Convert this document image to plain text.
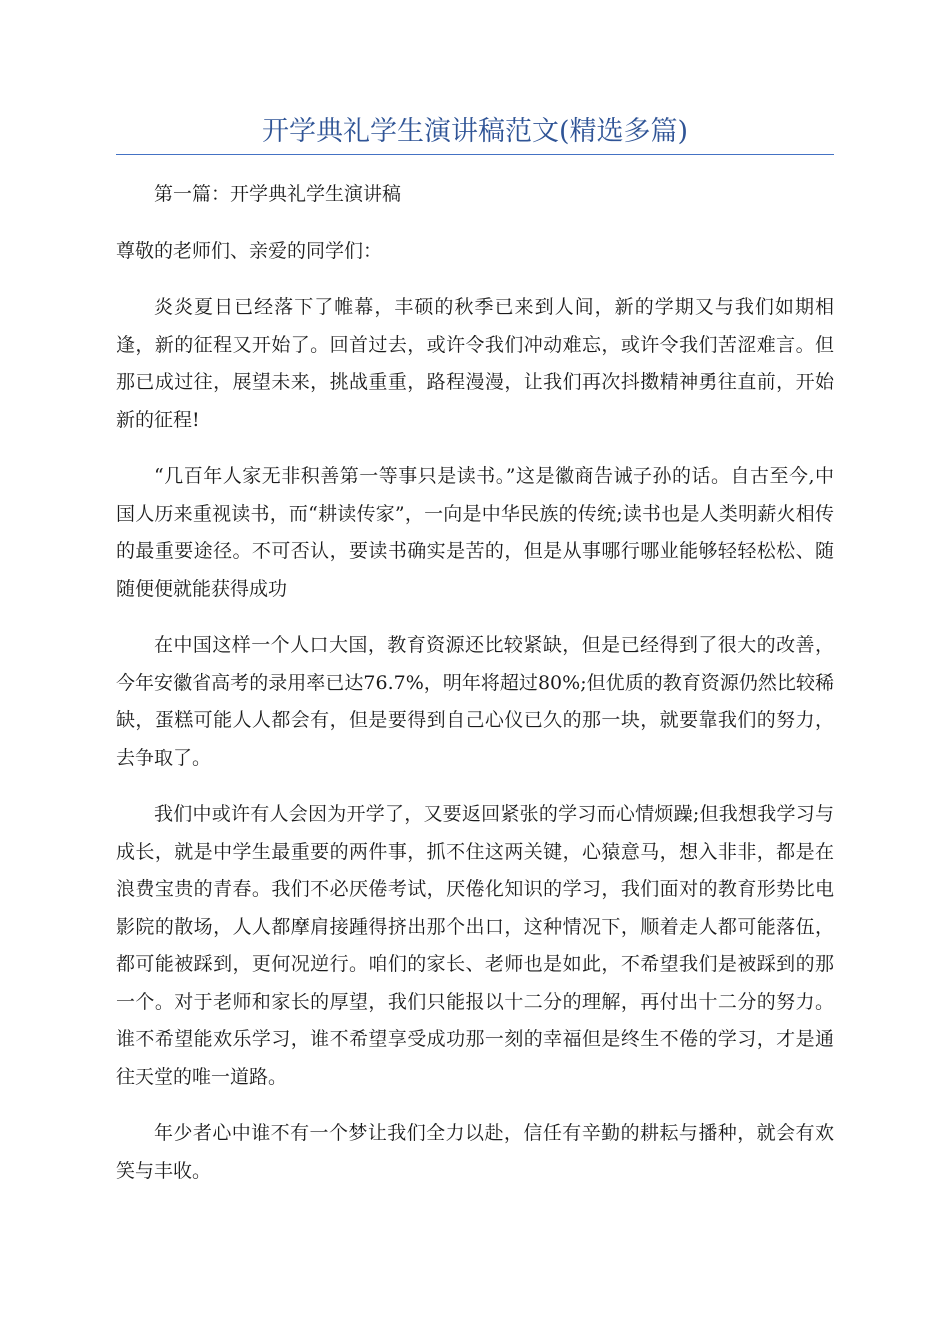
开学典礼学生演讲稿范文(精选多篇)

第一篇：开学典礼学生演讲稿

尊敬的老师们、亲爱的同学们：

炎炎夏日已经落下了帷幕，丰硕的秋季已来到人间，新的学期又与我们如期相逢，新的征程又开始了。回首过去，或许令我们冲动难忘，或许令我们苦涩难言。但那已成过往，展望未来，挑战重重，路程漫漫，让我们再次抖擞精神勇往直前，开始新的征程!

“几百年人家无非积善第一等事只是读书。”这是徽商告诫子孙的话。自古至今,中国人历来重视读书，而“耕读传家”，一向是中华民族的传统;读书也是人类明薪火相传的最重要途径。不可否认，要读书确实是苦的，但是从事哪行哪业能够轻轻松松、随随便便就能获得成功

在中国这样一个人口大国，教育资源还比较紧缺，但是已经得到了很大的改善，今年安徽省高考的录用率已达76.7%，明年将超过80%;但优质的教育资源仍然比较稀缺，蛋糕可能人人都会有，但是要得到自己心仪已久的那一块，就要靠我们的努力，去争取了。

我们中或许有人会因为开学了，又要返回紧张的学习而心情烦躁;但我想我学习与成长，就是中学生最重要的两件事，抓不住这两关键，心猿意马，想入非非，都是在浪费宝贵的青春。我们不必厌倦考试，厌倦化知识的学习，我们面对的教育形势比电影院的散场，人人都摩肩接踵得挤出那个出口，这种情况下，顺着走人都可能落伍，都可能被踩到，更何况逆行。咱们的家长、老师也是如此，不希望我们是被踩到的那一个。对于老师和家长的厚望，我们只能报以十二分的理解，再付出十二分的努力。谁不希望能欢乐学习，谁不希望享受成功那一刻的幸福但是终生不倦的学习，才是通往天堂的唯一道路。

年少者心中谁不有一个梦让我们全力以赴，信任有辛勤的耕耘与播种，就会有欢笑与丰收。
